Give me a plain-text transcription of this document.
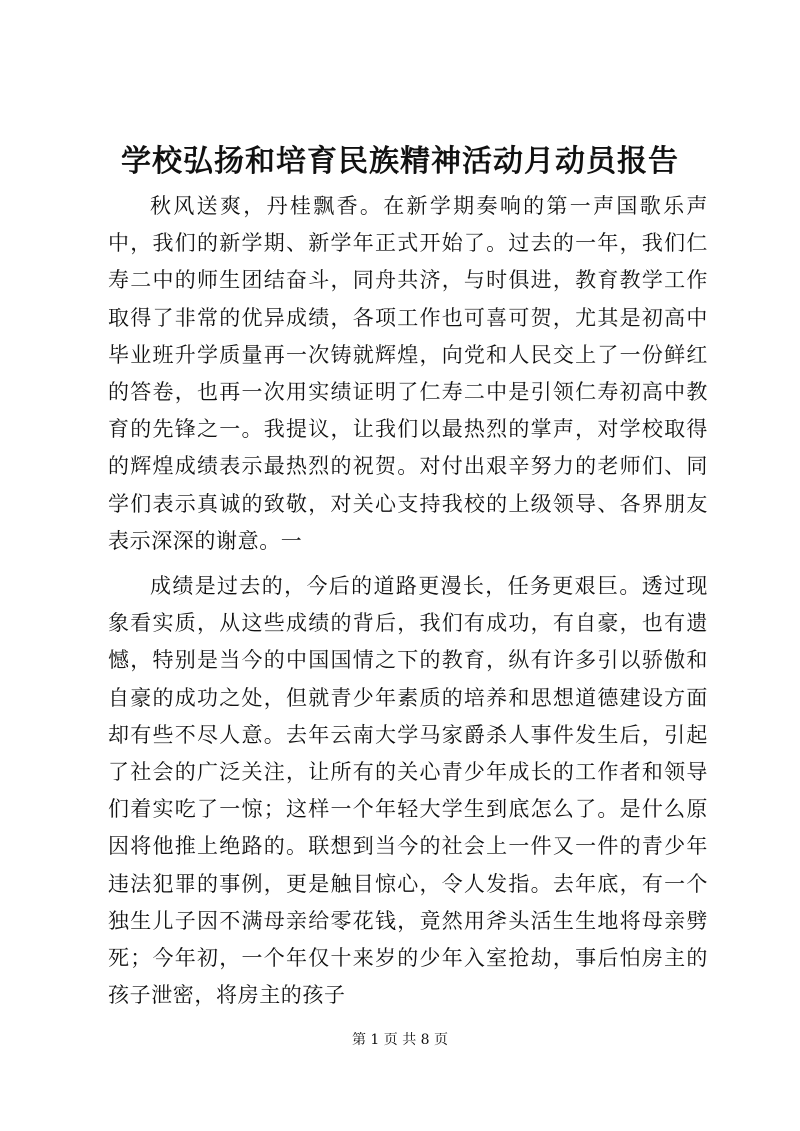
学校弘扬和培育民族精神活动月动员报告

秋风送爽，丹桂飘香。在新学期奏响的第一声国歌乐声中，我们的新学期、新学年正式开始了。过去的一年，我们仁寿二中的师生团结奋斗，同舟共济，与时俱进，教育教学工作取得了非常的优异成绩，各项工作也可喜可贺，尤其是初高中毕业班升学质量再一次铸就辉煌，向党和人民交上了一份鲜红的答卷，也再一次用实绩证明了仁寿二中是引领仁寿初高中教育的先锋之一。我提议，让我们以最热烈的掌声，对学校取得的辉煌成绩表示最热烈的祝贺。对付出艰辛努力的老师们、同学们表示真诚的致敬，对关心支持我校的上级领导、各界朋友表示深深的谢意。一

成绩是过去的，今后的道路更漫长，任务更艰巨。透过现象看实质，从这些成绩的背后，我们有成功，有自豪，也有遗憾，特别是当今的中国国情之下的教育，纵有许多引以骄傲和自豪的成功之处，但就青少年素质的培养和思想道德建设方面却有些不尽人意。去年云南大学马家爵杀人事件发生后，引起了社会的广泛关注，让所有的关心青少年成长的工作者和领导们着实吃了一惊；这样一个年轻大学生到底怎么了。是什么原因将他推上绝路的。联想到当今的社会上一件又一件的青少年违法犯罪的事例，更是触目惊心，令人发指。去年底，有一个独生儿子因不满母亲给零花钱，竟然用斧头活生生地将母亲劈死；今年初，一个年仅十来岁的少年入室抢劫，事后怕房主的孩子泄密，将房主的孩子

第 1 页 共 8 页
